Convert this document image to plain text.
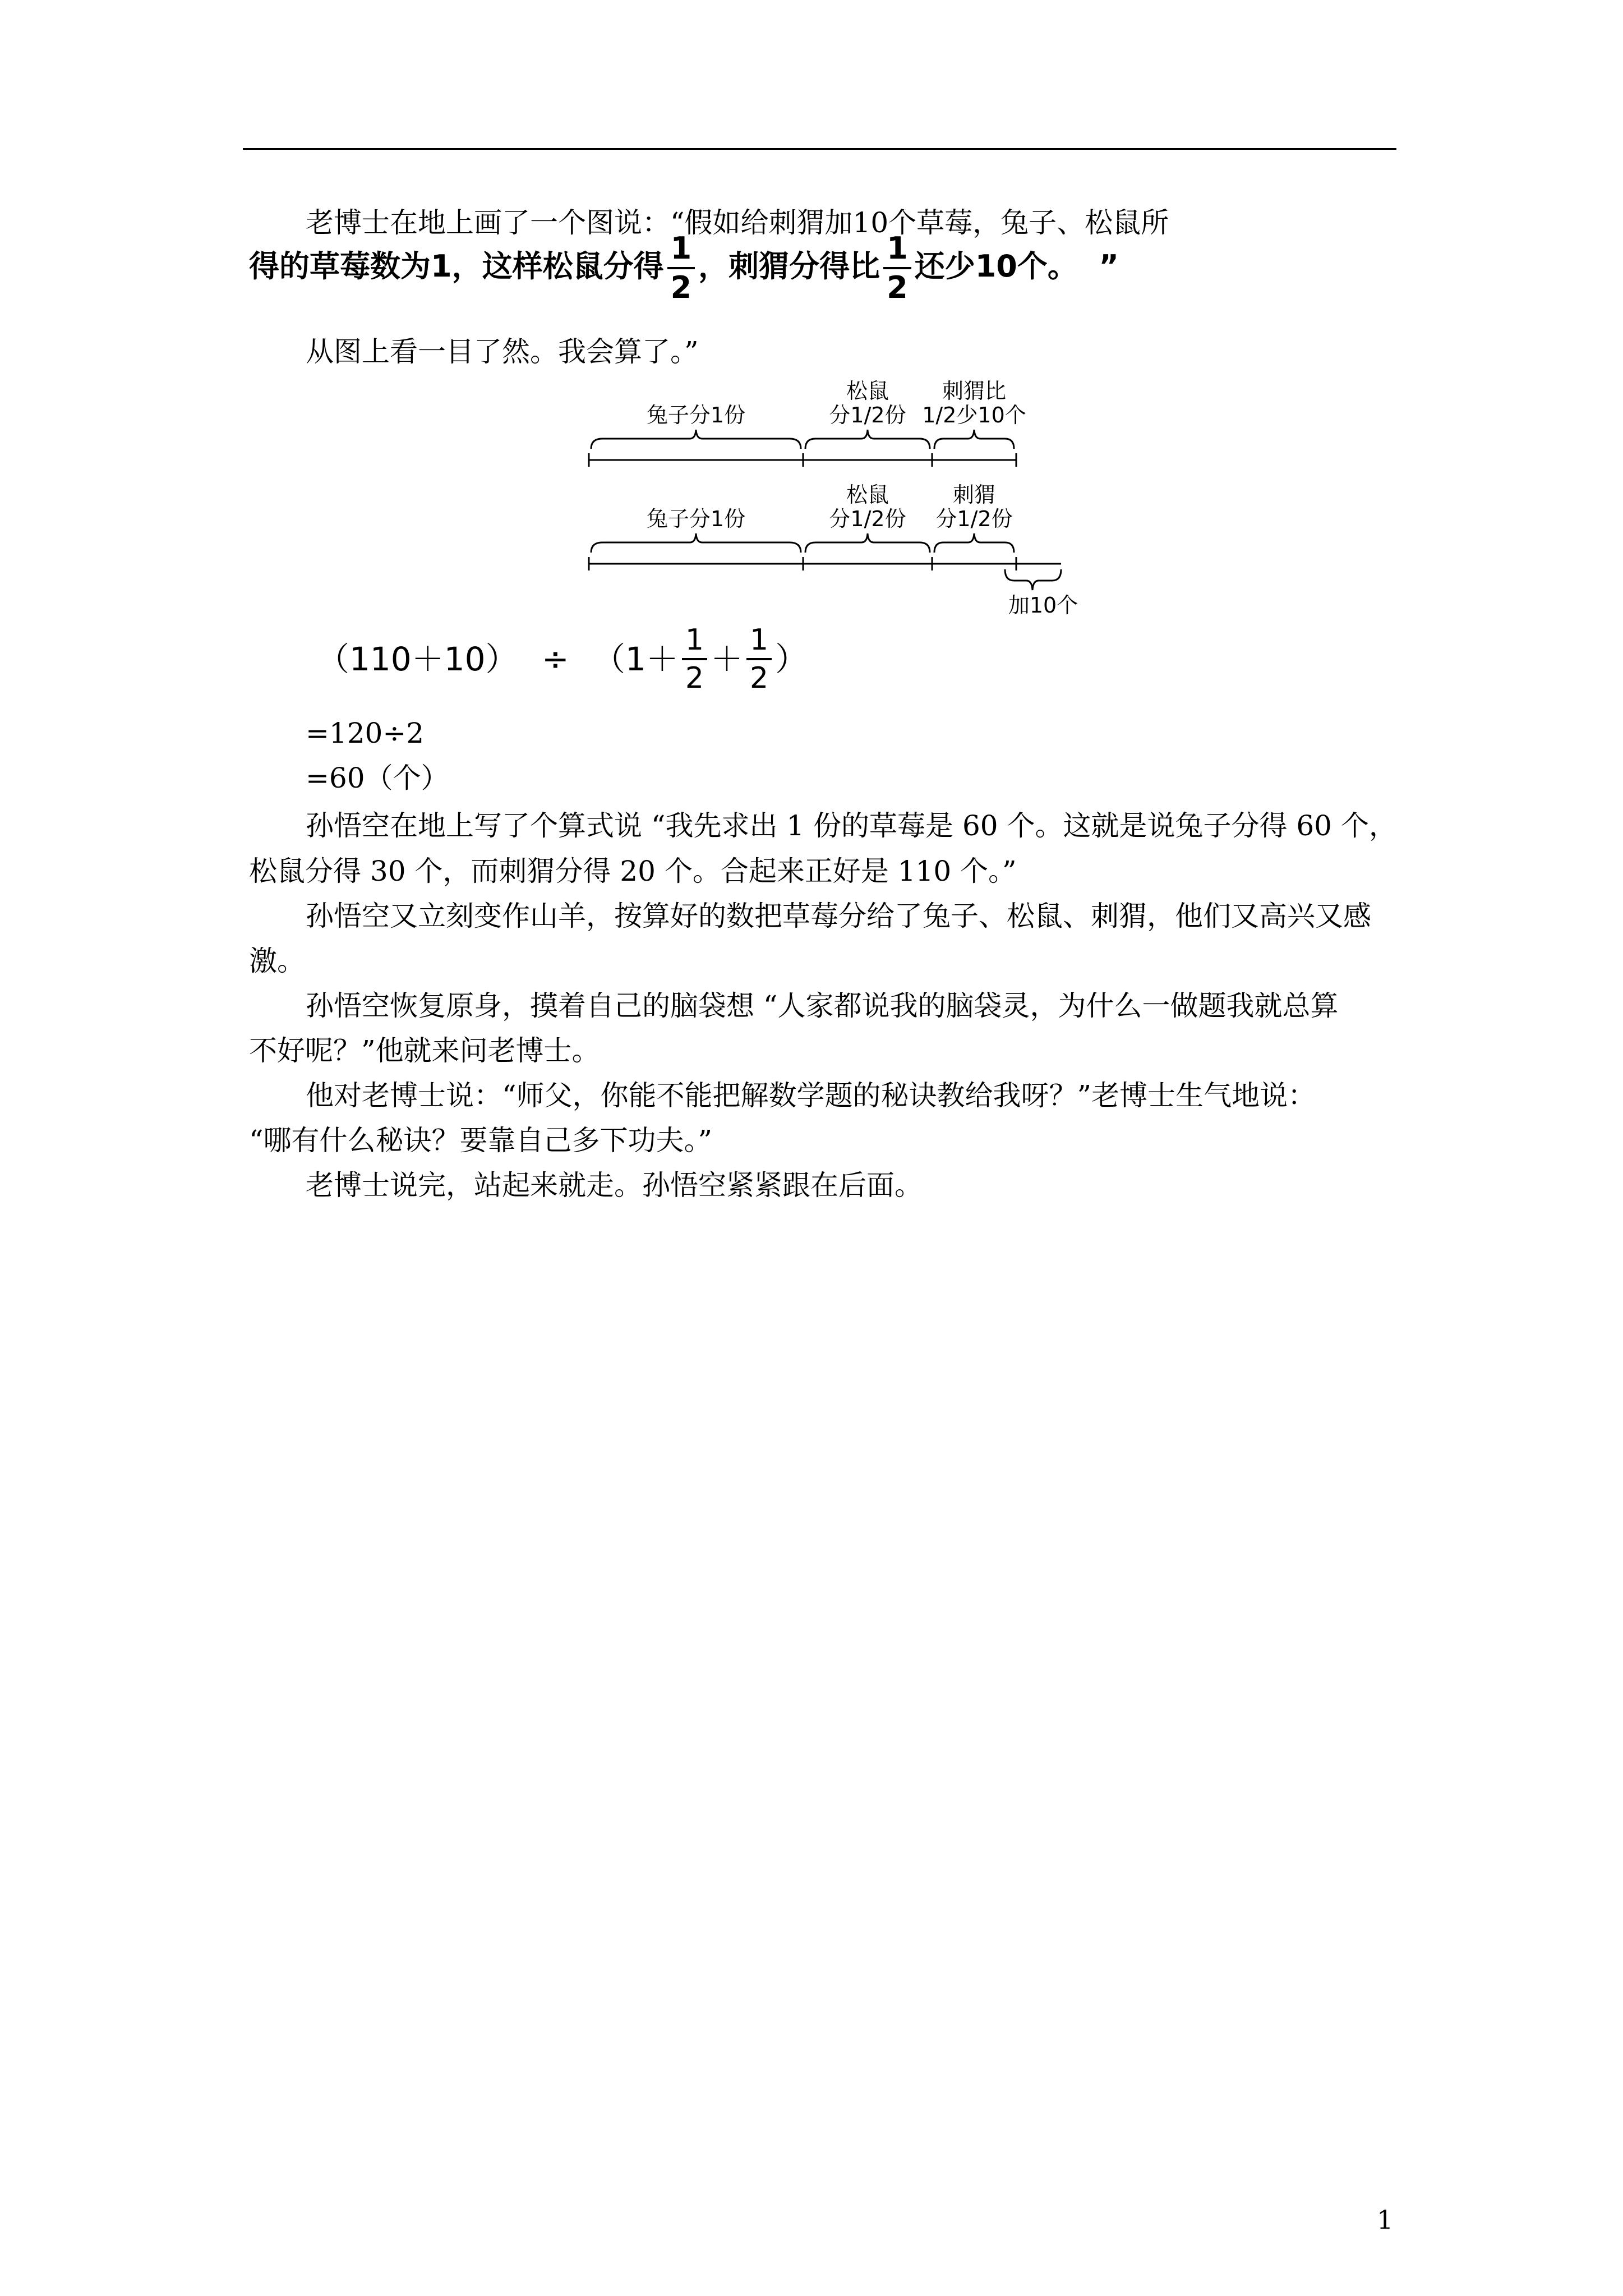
老博士在地上画了一个图说：“假如给刺猬加10个草莓，兔子、松鼠所
得的草莓数为1，这样松鼠分得 $\frac{1}{2}$ ，刺猬分得比 $\frac{1}{2}$ 还少10个。 ”
从图上看一目了然。我会算了。”
兔子分1份
松鼠
分1/2份
刺猬比
1/2少10个
兔子分1份
松鼠
分1/2份
刺猬
分1/2份
加10个
$(110+10) \div (1+ \frac{1}{2} + \frac{1}{2}$ ）
=120÷2
=60（个）
孙悟空在地上写了个算式说 “我先求出 1 份的草莓是 60 个。这就是说兔子分得 60 个，
松鼠分得 30 个，而刺猬分得 20 个。合起来正好是 110 个。”
孙悟空又立刻变作山羊，按算好的数把草莓分给了兔子、松鼠、刺猬，他们又高兴又感
激。
孙悟空恢复原身，摸着自己的脑袋想 “人家都说我的脑袋灵，为什么一做题我就总算
不好呢？”他就来问老博士。
他对老博士说：“师父，你能不能把解数学题的秘诀教给我呀？”老博士生气地说：
“哪有什么秘诀？要靠自己多下功夫。”
老博士说完，站起来就走。孙悟空紧紧跟在后面。
1
